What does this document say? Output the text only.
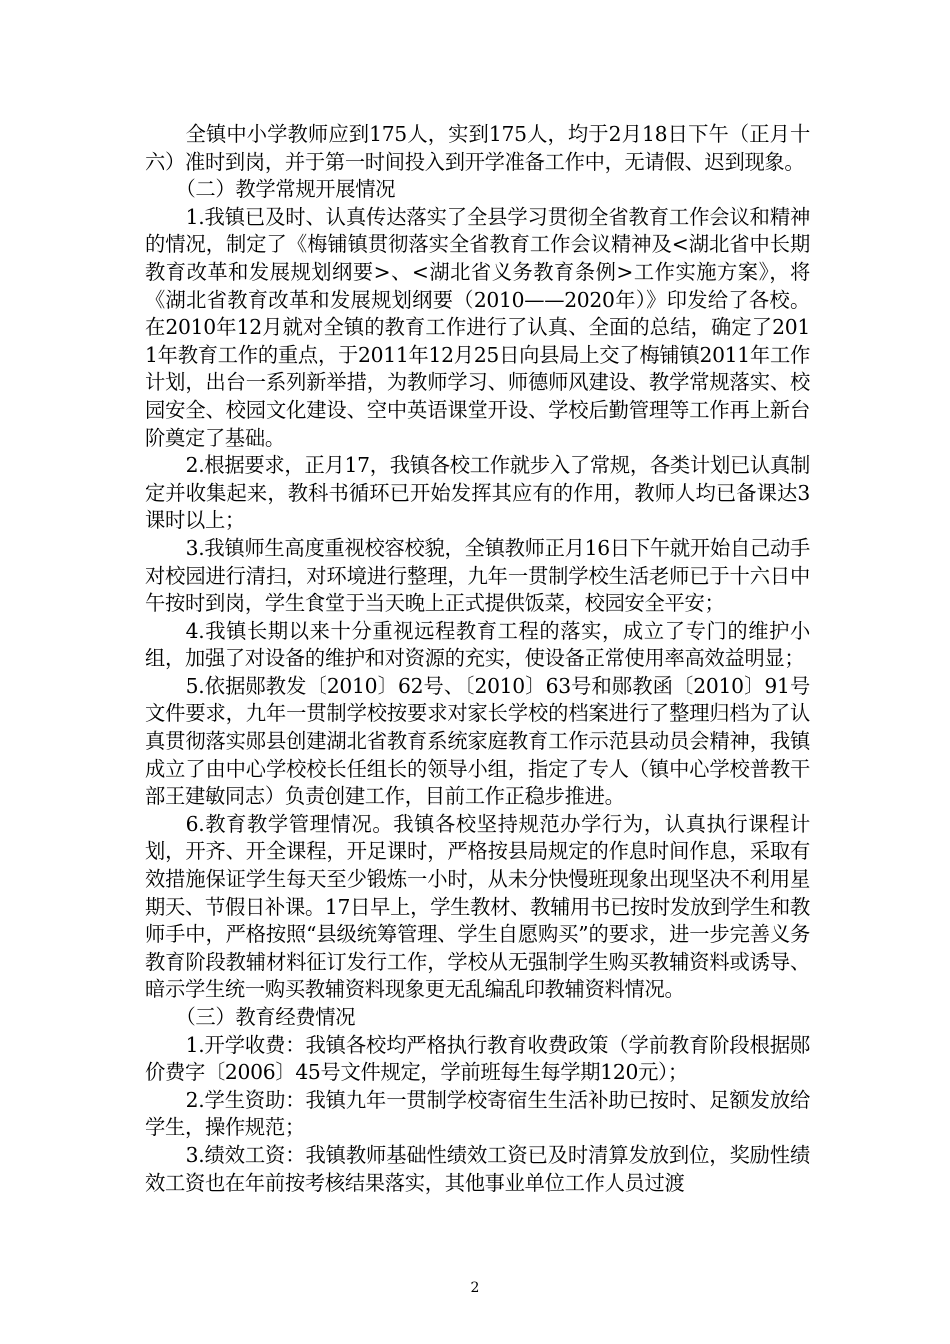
全镇中小学教师应到175人，实到175人，均于2月18日下午（正月十六）准时到岗，并于第一时间投入到开学准备工作中，无请假、迟到现象。

（二）教学常规开展情况

1.我镇已及时、认真传达落实了全县学习贯彻全省教育工作会议和精神的情况，制定了《梅铺镇贯彻落实全省教育工作会议精神及<湖北省中长期教育改革和发展规划纲要>、<湖北省义务教育条例>工作实施方案》，将《湖北省教育改革和发展规划纲要（2010——2020年）》印发给了各校。在2010年12月就对全镇的教育工作进行了认真、全面的总结，确定了2011年教育工作的重点，于2011年12月25日向县局上交了梅铺镇2011年工作计划，出台一系列新举措，为教师学习、师德师风建设、教学常规落实、校园安全、校园文化建设、空中英语课堂开设、学校后勤管理等工作再上新台阶奠定了基础。

2.根据要求，正月17，我镇各校工作就步入了常规，各类计划已认真制定并收集起来，教科书循环已开始发挥其应有的作用，教师人均已备课达3课时以上；

3.我镇师生高度重视校容校貌，全镇教师正月16日下午就开始自己动手对校园进行清扫，对环境进行整理，九年一贯制学校生活老师已于十六日中午按时到岗，学生食堂于当天晚上正式提供饭菜，校园安全平安；

4.我镇长期以来十分重视远程教育工程的落实，成立了专门的维护小组，加强了对设备的维护和对资源的充实，使设备正常使用率高效益明显；

5.依据郧教发〔2010〕62号、〔2010〕63号和郧教函〔2010〕91号文件要求，九年一贯制学校按要求对家长学校的档案进行了整理归档为了认真贯彻落实郧县创建湖北省教育系统家庭教育工作示范县动员会精神，我镇成立了由中心学校校长任组长的领导小组，指定了专人（镇中心学校普教干部王建敏同志）负责创建工作，目前工作正稳步推进。

6.教育教学管理情况。我镇各校坚持规范办学行为，认真执行课程计划，开齐、开全课程，开足课时，严格按县局规定的作息时间作息，采取有效措施保证学生每天至少锻炼一小时，从未分快慢班现象出现坚决不利用星期天、节假日补课。17日早上，学生教材、教辅用书已按时发放到学生和教师手中，严格按照“县级统筹管理、学生自愿购买”的要求，进一步完善义务教育阶段教辅材料征订发行工作，学校从无强制学生购买教辅资料或诱导、暗示学生统一购买教辅资料现象更无乱编乱印教辅资料情况。

（三）教育经费情况

1.开学收费：我镇各校均严格执行教育收费政策（学前教育阶段根据郧价费字〔2006〕45号文件规定，学前班每生每学期120元）；

2.学生资助：我镇九年一贯制学校寄宿生生活补助已按时、足额发放给学生，操作规范；

3.绩效工资：我镇教师基础性绩效工资已及时清算发放到位，奖励性绩效工资也在年前按考核结果落实，其他事业单位工作人员过渡

2
